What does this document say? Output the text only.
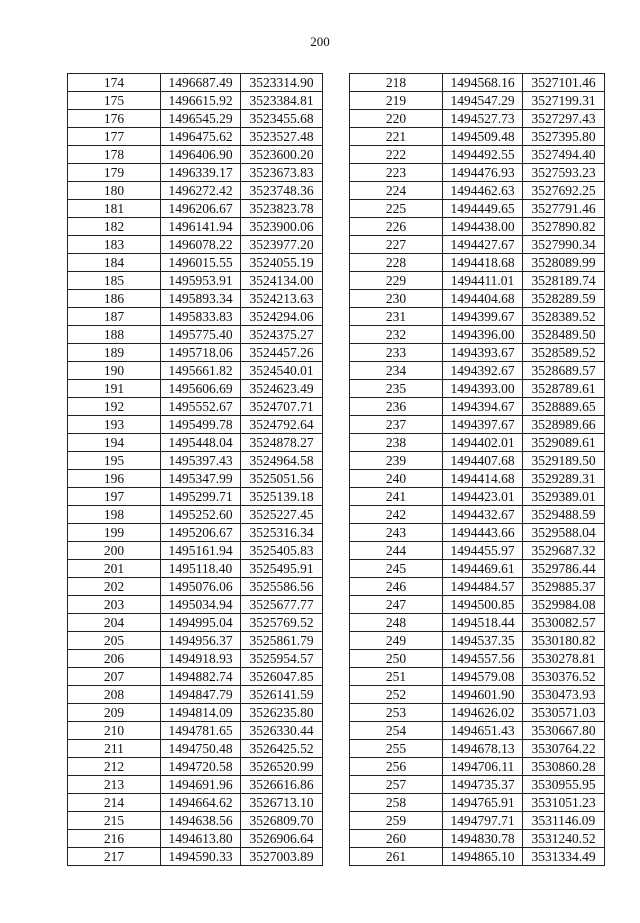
200
174	1496687.49	3523314.90
175	1496615.92	3523384.81
176	1496545.29	3523455.68
177	1496475.62	3523527.48
178	1496406.90	3523600.20
179	1496339.17	3523673.83
180	1496272.42	3523748.36
181	1496206.67	3523823.78
182	1496141.94	3523900.06
183	1496078.22	3523977.20
184	1496015.55	3524055.19
185	1495953.91	3524134.00
186	1495893.34	3524213.63
187	1495833.83	3524294.06
188	1495775.40	3524375.27
189	1495718.06	3524457.26
190	1495661.82	3524540.01
191	1495606.69	3524623.49
192	1495552.67	3524707.71
193	1495499.78	3524792.64
194	1495448.04	3524878.27
195	1495397.43	3524964.58
196	1495347.99	3525051.56
197	1495299.71	3525139.18
198	1495252.60	3525227.45
199	1495206.67	3525316.34
200	1495161.94	3525405.83
201	1495118.40	3525495.91
202	1495076.06	3525586.56
203	1495034.94	3525677.77
204	1494995.04	3525769.52
205	1494956.37	3525861.79
206	1494918.93	3525954.57
207	1494882.74	3526047.85
208	1494847.79	3526141.59
209	1494814.09	3526235.80
210	1494781.65	3526330.44
211	1494750.48	3526425.52
212	1494720.58	3526520.99
213	1494691.96	3526616.86
214	1494664.62	3526713.10
215	1494638.56	3526809.70
216	1494613.80	3526906.64
217	1494590.33	3527003.89
218	1494568.16	3527101.46
219	1494547.29	3527199.31
220	1494527.73	3527297.43
221	1494509.48	3527395.80
222	1494492.55	3527494.40
223	1494476.93	3527593.23
224	1494462.63	3527692.25
225	1494449.65	3527791.46
226	1494438.00	3527890.82
227	1494427.67	3527990.34
228	1494418.68	3528089.99
229	1494411.01	3528189.74
230	1494404.68	3528289.59
231	1494399.67	3528389.52
232	1494396.00	3528489.50
233	1494393.67	3528589.52
234	1494392.67	3528689.57
235	1494393.00	3528789.61
236	1494394.67	3528889.65
237	1494397.67	3528989.66
238	1494402.01	3529089.61
239	1494407.68	3529189.50
240	1494414.68	3529289.31
241	1494423.01	3529389.01
242	1494432.67	3529488.59
243	1494443.66	3529588.04
244	1494455.97	3529687.32
245	1494469.61	3529786.44
246	1494484.57	3529885.37
247	1494500.85	3529984.08
248	1494518.44	3530082.57
249	1494537.35	3530180.82
250	1494557.56	3530278.81
251	1494579.08	3530376.52
252	1494601.90	3530473.93
253	1494626.02	3530571.03
254	1494651.43	3530667.80
255	1494678.13	3530764.22
256	1494706.11	3530860.28
257	1494735.37	3530955.95
258	1494765.91	3531051.23
259	1494797.71	3531146.09
260	1494830.78	3531240.52
261	1494865.10	3531334.49
